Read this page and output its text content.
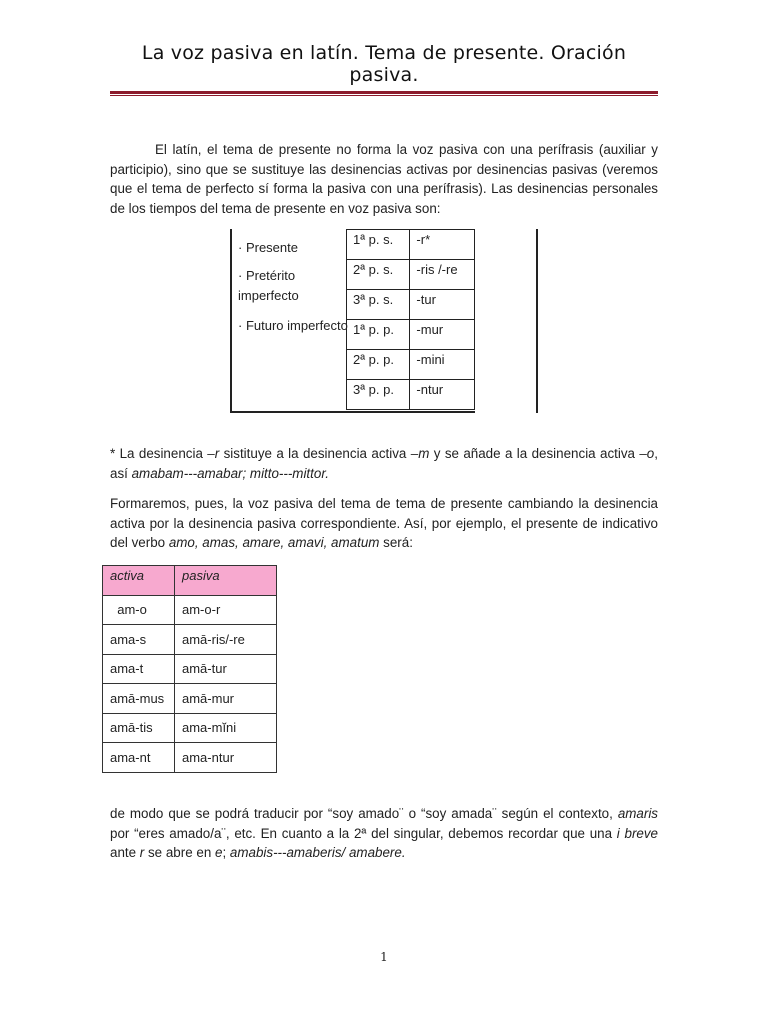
La voz pasiva en latín. Tema de presente. Oración pasiva.

El latín, el tema de presente no forma la voz pasiva con una perífrasis (auxiliar y participio), sino que se sustituye las desinencias activas por desinencias pasivas (veremos que el tema de perfecto sí forma la pasiva con una perífrasis). Las desinencias personales de los tiempos del tema de presente en voz pasiva son:

· Presente
· Pretérito imperfecto
· Futuro imperfecto
1ª p. s.	-r*
2ª p. s.	-ris /-re
3ª p. s.	-tur
1ª p. p.	-mur
2ª p. p.	-mini
3ª p. p.	-ntur

* La desinencia –r sistituye a la desinencia activa –m y se añade a la desinencia activa –o, así amabam---amabar; mitto---mittor.

Formaremos, pues, la voz pasiva del tema de tema de presente cambiando la desinencia activa por la desinencia pasiva correspondiente. Así, por ejemplo, el presente de indicativo del verbo amo, amas, amare, amavi, amatum será:

activa	pasiva
am-o	am-o-r
ama-s	amā-ris/-re
ama-t	amā-tur
amā-mus	amā-mur
amā-tis	ama-mĭni
ama-nt	ama-ntur

de modo que se podrá traducir por “soy amado¨ o “soy amada¨ según el contexto, amaris por “eres amado/a¨, etc. En cuanto a la 2ª del singular, debemos recordar que una i breve ante r se abre en e; amabis---amaberis/ amabere.

1
